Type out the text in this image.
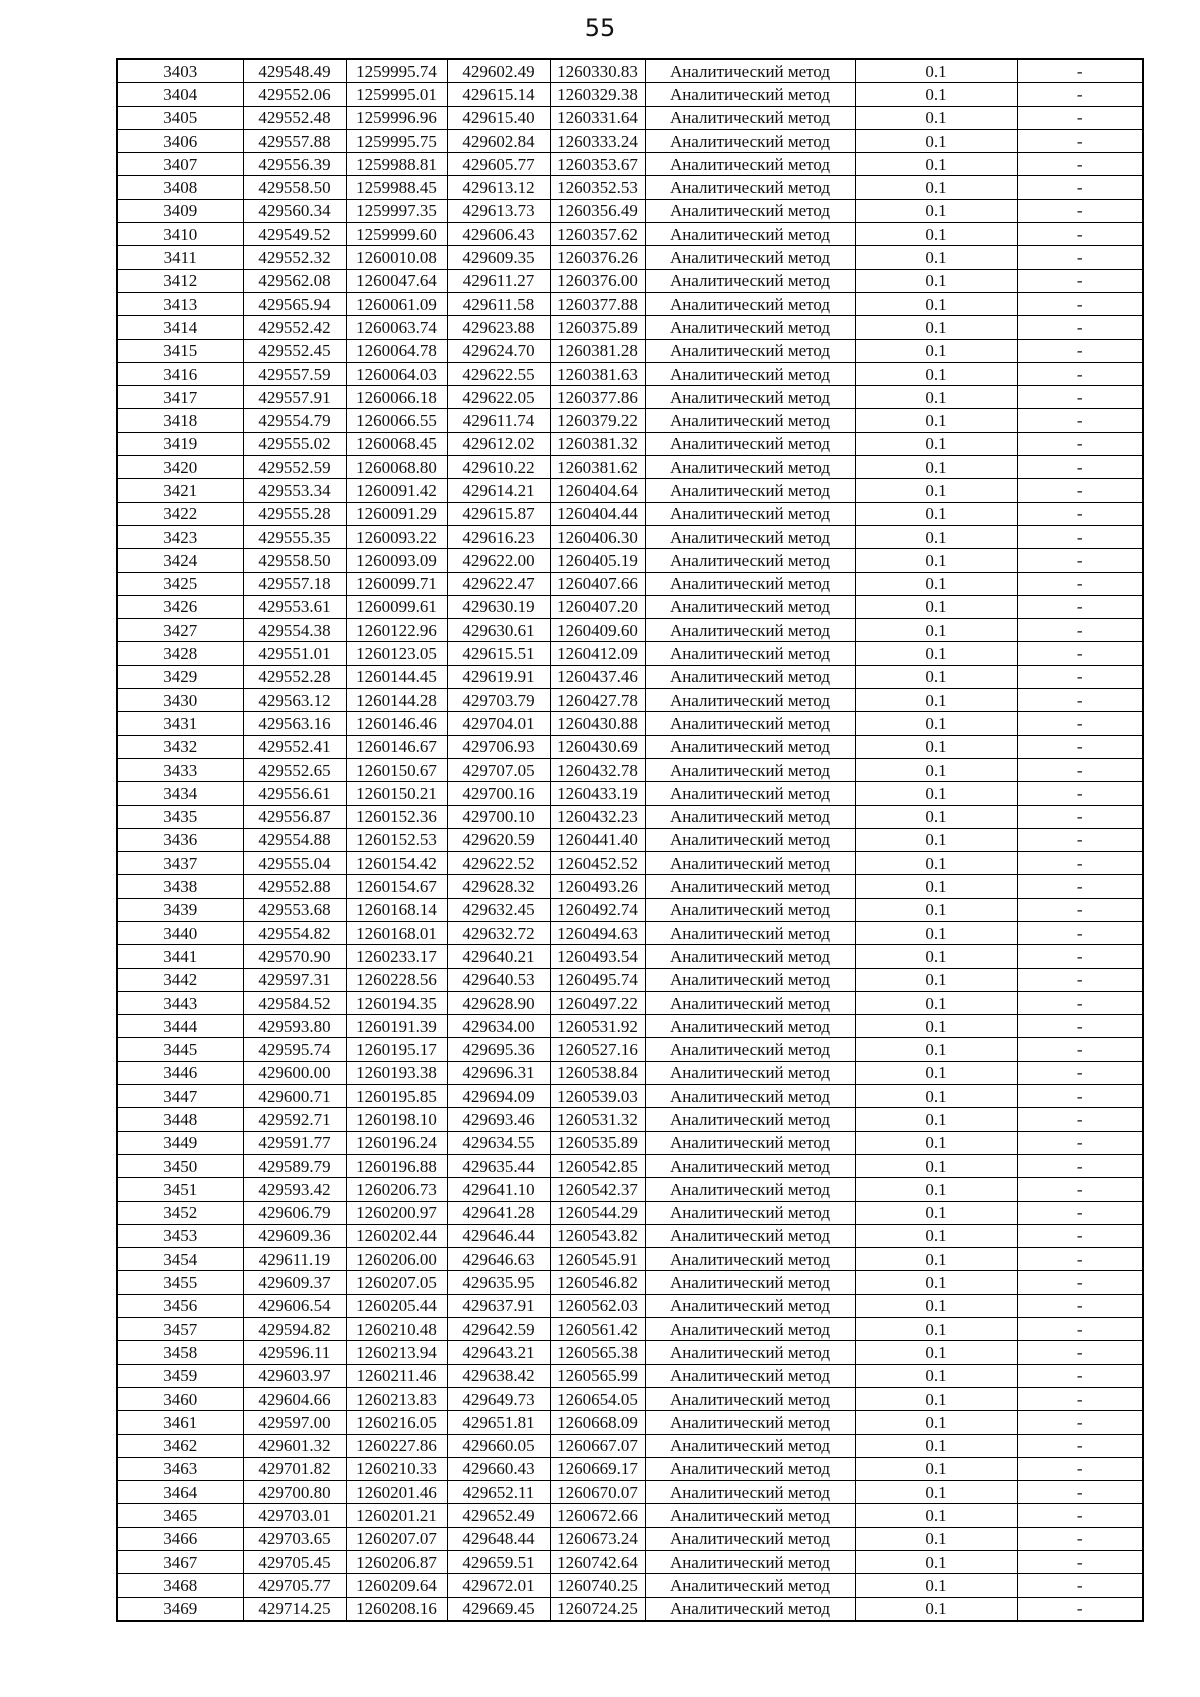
55
3403	429548.49	1259995.74	429602.49	1260330.83	Аналитический метод	0.1	-
3404	429552.06	1259995.01	429615.14	1260329.38	Аналитический метод	0.1	-
3405	429552.48	1259996.96	429615.40	1260331.64	Аналитический метод	0.1	-
3406	429557.88	1259995.75	429602.84	1260333.24	Аналитический метод	0.1	-
3407	429556.39	1259988.81	429605.77	1260353.67	Аналитический метод	0.1	-
3408	429558.50	1259988.45	429613.12	1260352.53	Аналитический метод	0.1	-
3409	429560.34	1259997.35	429613.73	1260356.49	Аналитический метод	0.1	-
3410	429549.52	1259999.60	429606.43	1260357.62	Аналитический метод	0.1	-
3411	429552.32	1260010.08	429609.35	1260376.26	Аналитический метод	0.1	-
3412	429562.08	1260047.64	429611.27	1260376.00	Аналитический метод	0.1	-
3413	429565.94	1260061.09	429611.58	1260377.88	Аналитический метод	0.1	-
3414	429552.42	1260063.74	429623.88	1260375.89	Аналитический метод	0.1	-
3415	429552.45	1260064.78	429624.70	1260381.28	Аналитический метод	0.1	-
3416	429557.59	1260064.03	429622.55	1260381.63	Аналитический метод	0.1	-
3417	429557.91	1260066.18	429622.05	1260377.86	Аналитический метод	0.1	-
3418	429554.79	1260066.55	429611.74	1260379.22	Аналитический метод	0.1	-
3419	429555.02	1260068.45	429612.02	1260381.32	Аналитический метод	0.1	-
3420	429552.59	1260068.80	429610.22	1260381.62	Аналитический метод	0.1	-
3421	429553.34	1260091.42	429614.21	1260404.64	Аналитический метод	0.1	-
3422	429555.28	1260091.29	429615.87	1260404.44	Аналитический метод	0.1	-
3423	429555.35	1260093.22	429616.23	1260406.30	Аналитический метод	0.1	-
3424	429558.50	1260093.09	429622.00	1260405.19	Аналитический метод	0.1	-
3425	429557.18	1260099.71	429622.47	1260407.66	Аналитический метод	0.1	-
3426	429553.61	1260099.61	429630.19	1260407.20	Аналитический метод	0.1	-
3427	429554.38	1260122.96	429630.61	1260409.60	Аналитический метод	0.1	-
3428	429551.01	1260123.05	429615.51	1260412.09	Аналитический метод	0.1	-
3429	429552.28	1260144.45	429619.91	1260437.46	Аналитический метод	0.1	-
3430	429563.12	1260144.28	429703.79	1260427.78	Аналитический метод	0.1	-
3431	429563.16	1260146.46	429704.01	1260430.88	Аналитический метод	0.1	-
3432	429552.41	1260146.67	429706.93	1260430.69	Аналитический метод	0.1	-
3433	429552.65	1260150.67	429707.05	1260432.78	Аналитический метод	0.1	-
3434	429556.61	1260150.21	429700.16	1260433.19	Аналитический метод	0.1	-
3435	429556.87	1260152.36	429700.10	1260432.23	Аналитический метод	0.1	-
3436	429554.88	1260152.53	429620.59	1260441.40	Аналитический метод	0.1	-
3437	429555.04	1260154.42	429622.52	1260452.52	Аналитический метод	0.1	-
3438	429552.88	1260154.67	429628.32	1260493.26	Аналитический метод	0.1	-
3439	429553.68	1260168.14	429632.45	1260492.74	Аналитический метод	0.1	-
3440	429554.82	1260168.01	429632.72	1260494.63	Аналитический метод	0.1	-
3441	429570.90	1260233.17	429640.21	1260493.54	Аналитический метод	0.1	-
3442	429597.31	1260228.56	429640.53	1260495.74	Аналитический метод	0.1	-
3443	429584.52	1260194.35	429628.90	1260497.22	Аналитический метод	0.1	-
3444	429593.80	1260191.39	429634.00	1260531.92	Аналитический метод	0.1	-
3445	429595.74	1260195.17	429695.36	1260527.16	Аналитический метод	0.1	-
3446	429600.00	1260193.38	429696.31	1260538.84	Аналитический метод	0.1	-
3447	429600.71	1260195.85	429694.09	1260539.03	Аналитический метод	0.1	-
3448	429592.71	1260198.10	429693.46	1260531.32	Аналитический метод	0.1	-
3449	429591.77	1260196.24	429634.55	1260535.89	Аналитический метод	0.1	-
3450	429589.79	1260196.88	429635.44	1260542.85	Аналитический метод	0.1	-
3451	429593.42	1260206.73	429641.10	1260542.37	Аналитический метод	0.1	-
3452	429606.79	1260200.97	429641.28	1260544.29	Аналитический метод	0.1	-
3453	429609.36	1260202.44	429646.44	1260543.82	Аналитический метод	0.1	-
3454	429611.19	1260206.00	429646.63	1260545.91	Аналитический метод	0.1	-
3455	429609.37	1260207.05	429635.95	1260546.82	Аналитический метод	0.1	-
3456	429606.54	1260205.44	429637.91	1260562.03	Аналитический метод	0.1	-
3457	429594.82	1260210.48	429642.59	1260561.42	Аналитический метод	0.1	-
3458	429596.11	1260213.94	429643.21	1260565.38	Аналитический метод	0.1	-
3459	429603.97	1260211.46	429638.42	1260565.99	Аналитический метод	0.1	-
3460	429604.66	1260213.83	429649.73	1260654.05	Аналитический метод	0.1	-
3461	429597.00	1260216.05	429651.81	1260668.09	Аналитический метод	0.1	-
3462	429601.32	1260227.86	429660.05	1260667.07	Аналитический метод	0.1	-
3463	429701.82	1260210.33	429660.43	1260669.17	Аналитический метод	0.1	-
3464	429700.80	1260201.46	429652.11	1260670.07	Аналитический метод	0.1	-
3465	429703.01	1260201.21	429652.49	1260672.66	Аналитический метод	0.1	-
3466	429703.65	1260207.07	429648.44	1260673.24	Аналитический метод	0.1	-
3467	429705.45	1260206.87	429659.51	1260742.64	Аналитический метод	0.1	-
3468	429705.77	1260209.64	429672.01	1260740.25	Аналитический метод	0.1	-
3469	429714.25	1260208.16	429669.45	1260724.25	Аналитический метод	0.1	-
